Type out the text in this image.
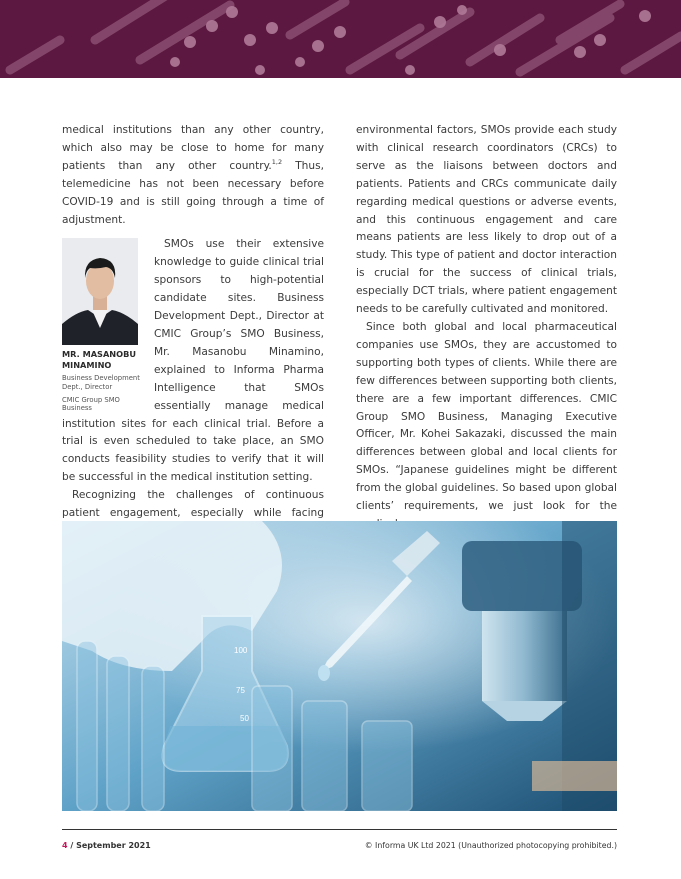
medical institutions than any other country, which also may be close to home for many patients than any other country.$^{1,2}$ Thus, telemedicine has not been necessary before COVID-19 and is still going through a time of adjustment.

MR. MASANOBU MINAMINO
Business Development Dept., Director
CMIC Group SMO Business

SMOs use their extensive knowledge to guide clinical trial sponsors to high-potential candidate sites. Business Development Dept., Director at CMIC Group’s SMO Business, Mr. Masanobu Minamino, explained to Informa Pharma Intelligence that SMOs essentially manage medical institution sites for each clinical trial. Before a trial is even scheduled to take place, an SMO conducts feasibility studies to verify that it will be successful in the medical institution setting.

Recognizing the challenges of continuous patient engagement, especially while facing

environmental factors, SMOs provide each study with clinical research coordinators (CRCs) to serve as the liaisons between doctors and patients. Patients and CRCs communicate daily regarding medical questions or adverse events, and this continuous engagement and care means patients are less likely to drop out of a study. This type of patient and doctor interaction is crucial for the success of clinical trials, especially DCT trials, where patient engagement needs to be carefully cultivated and monitored.

Since both global and local pharmaceutical companies use SMOs, they are accustomed to supporting both types of clients. While there are few differences between supporting both clients, there are a few important differences. CMIC Group SMO Business, Managing Executive Officer, Mr. Kohei Sakazaki, discussed the main differences between global and local clients for SMOs. “Japanese guidelines might be different from the global guidelines. So based upon global clients’ requirements, we just look for the

100
75
50
4 / September 2021	© Informa UK Ltd 2021 (Unauthorized photocopying prohibited.)
